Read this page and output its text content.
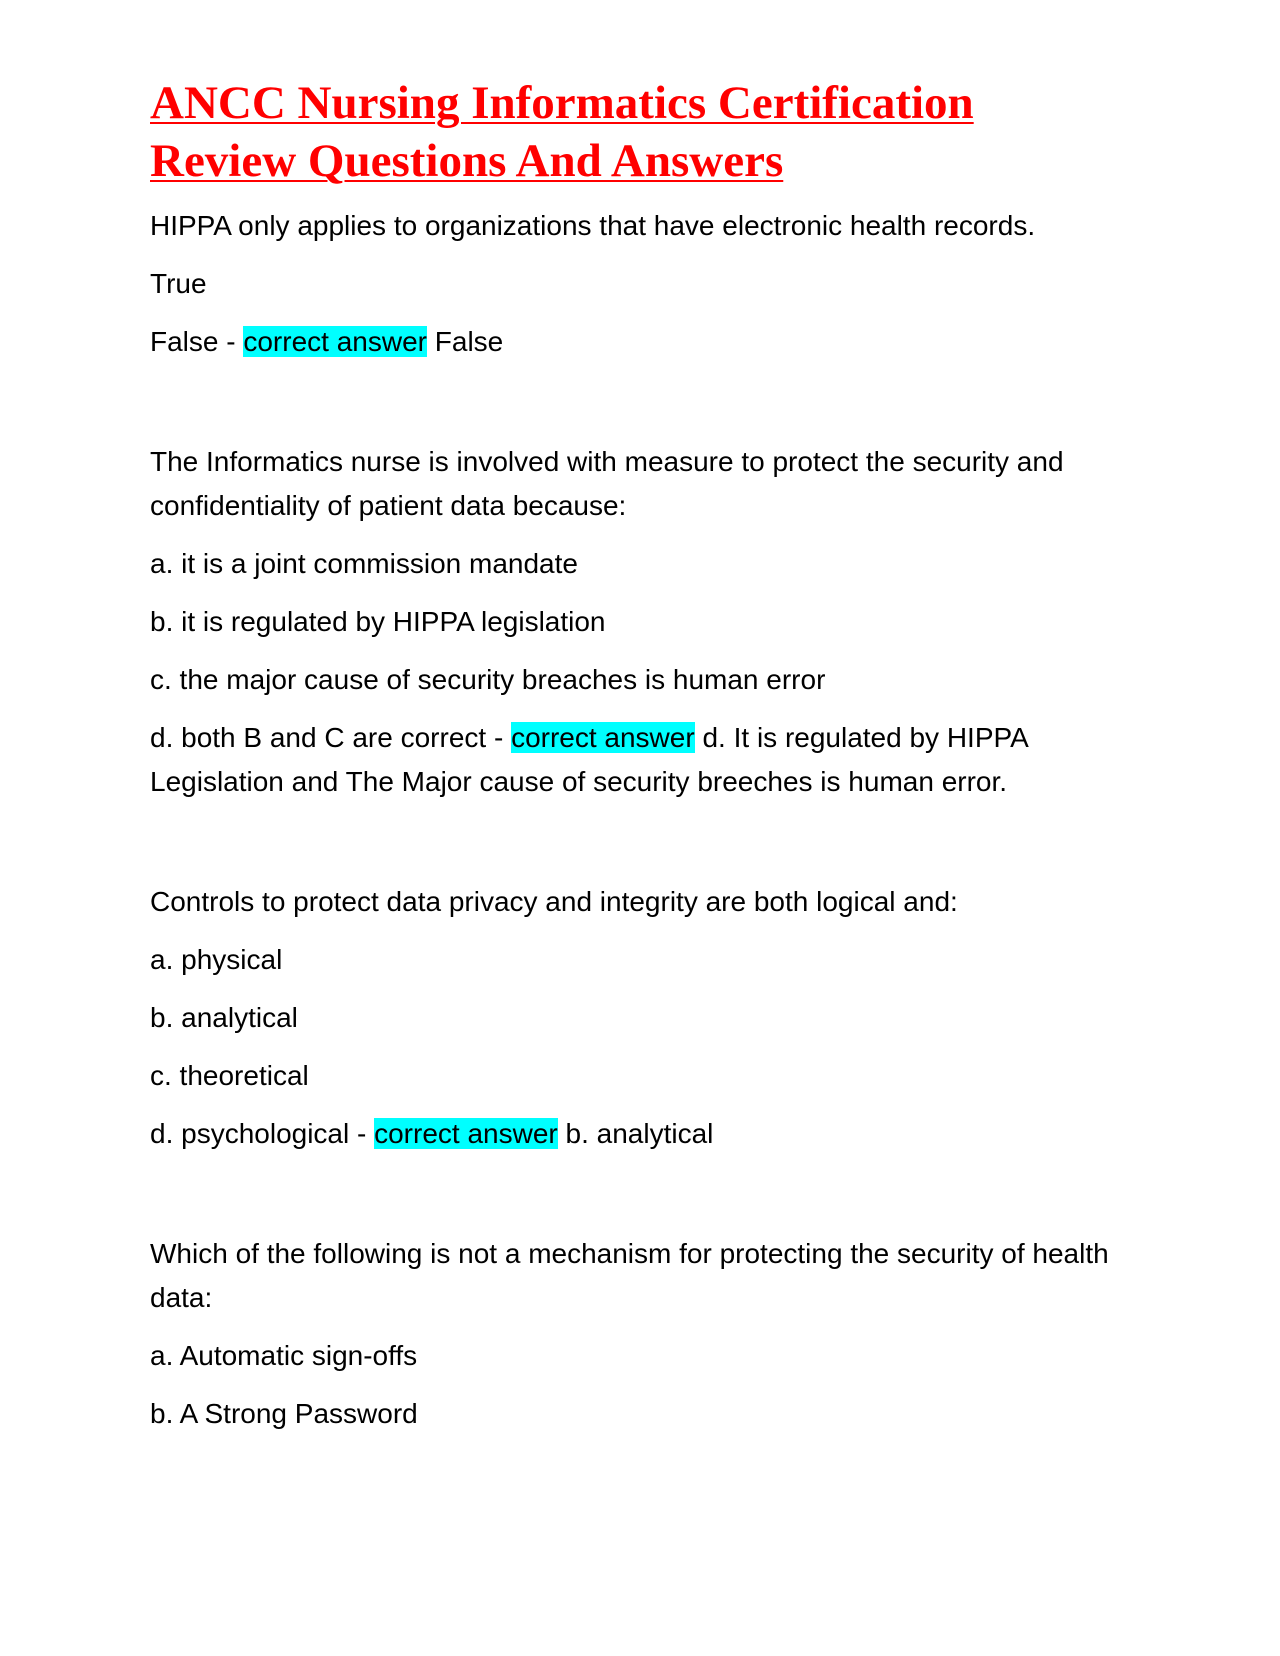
ANCC Nursing Informatics Certification
Review Questions And Answers

HIPPA only applies to organizations that have electronic health records.

True

False - correct answer False

The Informatics nurse is involved with measure to protect the security and confidentiality of patient data because:

a. it is a joint commission mandate

b. it is regulated by HIPPA legislation

c. the major cause of security breaches is human error

d. both B and C are correct - correct answer d. It is regulated by HIPPA Legislation and The Major cause of security breeches is human error.

Controls to protect data privacy and integrity are both logical and:

a. physical

b. analytical

c. theoretical

d. psychological - correct answer b. analytical

Which of the following is not a mechanism for protecting the security of health data:

a. Automatic sign-offs

b. A Strong Password
